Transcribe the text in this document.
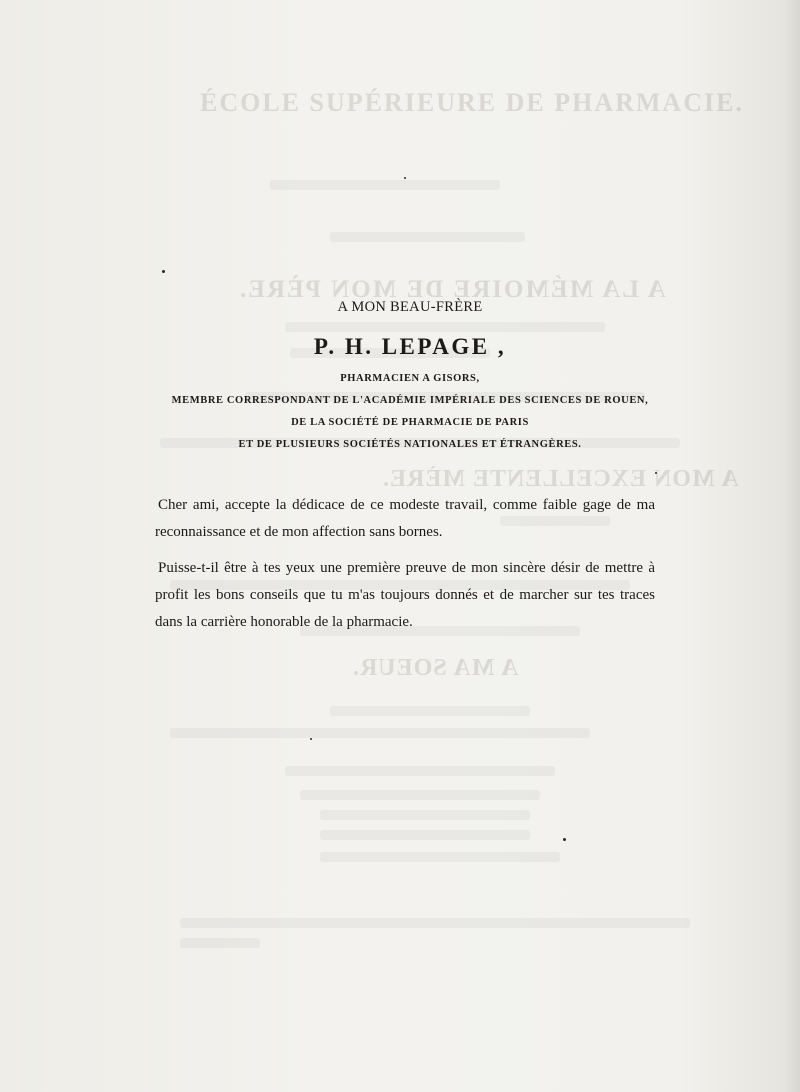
ÉCOLE SUPÉRIEURE DE PHARMACIE.
A LA MÉMOIRE DE MON PÈRE.
A MON EXCELLENTE MÈRE.
A MA SOEUR.

A MON BEAU-FRÈRE

P. H. LEPAGE ,

PHARMACIEN A GISORS,

MEMBRE CORRESPONDANT DE L'ACADÉMIE IMPÉRIALE DES SCIENCES DE ROUEN,

DE LA SOCIÉTÉ DE PHARMACIE DE PARIS

ET DE PLUSIEURS SOCIÉTÉS NATIONALES ET ÉTRANGÈRES.

Cher ami, accepte la dédicace de ce modeste travail, comme faible gage de ma reconnaissance et de mon affection sans bornes.

Puisse-t-il être à tes yeux une première preuve de mon sincère désir de mettre à profit les bons conseils que tu m'as toujours donnés et de marcher sur tes traces dans la carrière honorable de la pharmacie.
